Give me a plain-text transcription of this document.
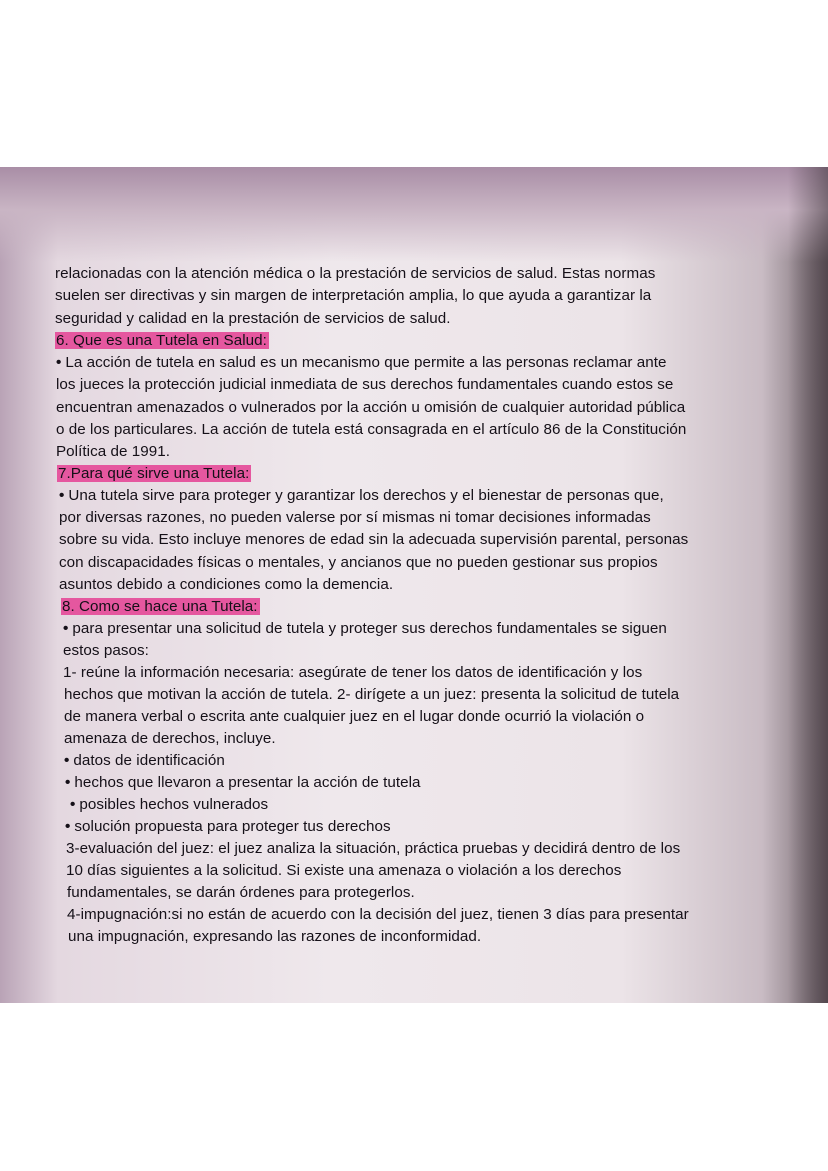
relacionadas con la atención médica o la prestación de servicios de salud. Estas normas
suelen ser directivas y sin margen de interpretación amplia, lo que ayuda a garantizar la
seguridad y calidad en la prestación de servicios de salud.
6. Que es una Tutela en Salud:
• La acción de tutela en salud es un mecanismo que permite a las personas reclamar ante
los jueces la protección judicial inmediata de sus derechos fundamentales cuando estos se
encuentran amenazados o vulnerados por la acción u omisión de cualquier autoridad pública
o de los particulares. La acción de tutela está consagrada en el artículo 86 de la Constitución
Política de 1991.
7.Para qué sirve una Tutela:
• Una tutela sirve para proteger y garantizar los derechos y el bienestar de personas que,
por diversas razones, no pueden valerse por sí mismas ni tomar decisiones informadas
sobre su vida. Esto incluye menores de edad sin la adecuada supervisión parental, personas
con discapacidades físicas o mentales, y ancianos que no pueden gestionar sus propios
asuntos debido a condiciones como la demencia.
8. Como se hace una Tutela:
• para presentar una solicitud de tutela y proteger sus derechos fundamentales se siguen
estos pasos:
1- reúne la información necesaria: asegúrate de tener los datos de identificación y los
hechos que motivan la acción de tutela. 2- dirígete a un juez: presenta la solicitud de tutela
de manera verbal o escrita ante cualquier juez en el lugar donde ocurrió la violación o
amenaza de derechos, incluye.
• datos de identificación
• hechos que llevaron a presentar la acción de tutela
• posibles hechos vulnerados
• solución propuesta para proteger tus derechos
3-evaluación del juez: el juez analiza la situación, práctica pruebas y decidirá dentro de los
10 días siguientes a la solicitud. Si existe una amenaza o violación a los derechos
fundamentales, se darán órdenes para protegerlos.
4-impugnación:si no están de acuerdo con la decisión del juez, tienen 3 días para presentar
una impugnación, expresando las razones de inconformidad.
